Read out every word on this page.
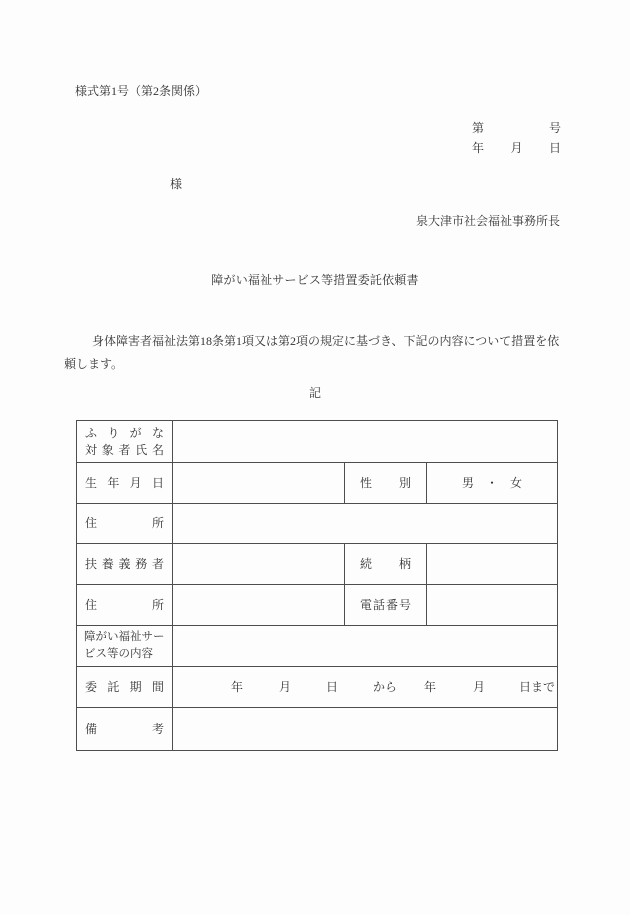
様式第1号（第2条関係）
第	号
年 月 日
様
泉大津市社会福祉事務所長
障がい福祉サービス等措置委託依頼書
身体障害者福祉法第18条第1項又は第2項の規定に基づき、下記の内容について措置を依
頼します。
記
ふ り が な
対 象 者 氏 名

生 年 月 日		性 別	男 ・ 女

住 所			

扶 養 義 務 者		続 柄	

住 所		電 話 番 号	

障がい福祉サー
ビス等の内容			

委 託 期 間	年	月	日	から 年	月	日まで

備 考			
